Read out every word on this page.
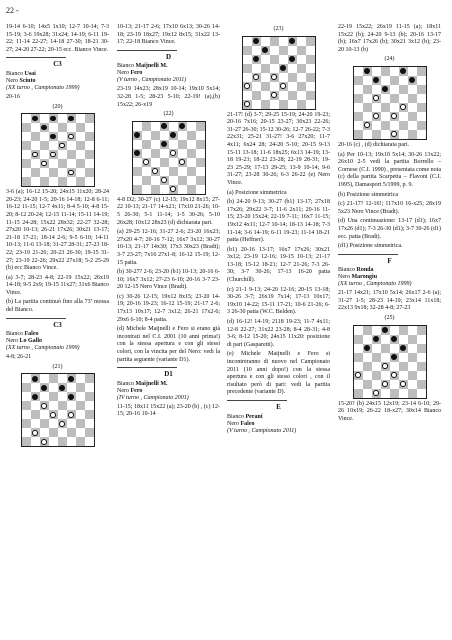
22 -

19-14 6-10; 14x5 1x10; 12-7 10-14; 7-3 15-19; 3-6 19x28; 31x24; 14-19; 6-11 19-22; 11-14 22-27; 14-18 27-30; 18-21 30-27; 24-20 27-22; 20-15 ecc. Bianco Vince.

C3
Bianco Usai
Nero Sciuto
(XX turno , Campionato 1999)

20-16

(20)

3-6 (a); 16-12 15-20; 24x15 11x20; 28-24 20-23; 24-20 1-5; 20-16 14-18; 12-8 6-11; 16-12 11-15; 12-7 4x11; 8-4 5-10; 4-8 15-20; 8-12 20-24; 12-15 11-14; 15-11 14-19; 11-15 24-28; 15x22 28x32; 22-27 32-28; 27x20 10-13; 26-21 17x26; 30x21 13-17; 21-18 17-21; 18-14 2-6; 9-5 6-10; 14-11 10-13; 11-6 13-18; 31-27 28-31; 27-23 18-22; 23-19 21-26; 20-23 26-30; 19-15 31-27; 23-19 22-26; 29x22 27x18; 5-2 25-29 (b) ecc Bianco Vince.

(a) 3-7; 28-23 4-8; 22-19 15x22; 26x19 14-18; 9-5 2x9; 19-15 11x27; 31x6 Bianco Vince.

(b) La partita continuò fino alla 73ª mossa del Bianco.

C3
Bianco Faleo
Nero Lo Gallo
(XX turno , Campionato 1999)

4-8; 26-21

(21)

10-13; 21-17 2-6; 17x10 6x13; 30-26 14-18; 23-19 18x27; 19x12 8x15; 31x22 13-17; 22-18 Bianco Vince.

D
Bianco Maijnelli M.
Nero Fero
(V turno , Campionato 2011)

23-19 14x23; 28x19 10-14; 19x10 5x14; 32-28 1-5; 28-23 5-10; 22-19! (a),(b) 15x22; 26-x19

(22)

4-8 D2; 30-27 (c) 12-15; 19x12 8x15; 27-22 10-13; 21-17 14-x21; 17x10 21-26; 10-5 26-30; 5-1 11-14; 1-5 30-26; 5-10 26x28; 10x12 28x23 (d) dichiarata pari.

(a) 29-25 12-16; 31-27 2-6; 23-20 16x23; 27x20 4-7; 20-16 7-12; 16x7 3x12; 30-27 10-13; 21-17 14x30; 17x3 30x23 (Bradt); 3-7 23-27; 7x16 27x1-8; 16-12 15-19; 12-15 patta.

(b) 30-27? 2-6; 23-20 (b1) 10-13; 20-16 6-10; 16x7 3x12; 27-23 6-10; 20-16 3-7 23-20 12-15 Nero Vince (Bradt).

(c) 30-26 12-15; 19x12 8x15; 23-20 14-19; 20-16 19-23; 16-12 15-19; 21-17 2-6; 17x13 10x17; 12-7 3x12; 26-21 17x2-6; 29x6 6-10; 8-4 patta.

(d) Michele Maijnelli e Fero si erano già incontrati nel C.I. 2001 (10 anni prima!) con la stessa apertura e con gli stessi colori, con la vincita per del Nero: vedi la partita seguente (variante D1).

D1
Bianco Maijnelli M.
Nero Fero
(IV turno , Campionato 2001)

11-15; 18x11 15x22 (a); 23-20 (b) , (c) 12-15; 20-16 10-14

(23)

21-17! (d) 3-7; 29-25 15-19; 24-20 19-23; 20-16 7x16; 20-15 23-27; 30x23 22-26; 31-27 26-30; 15-12 30-26; 12-7 26-22; 7-3 22x31; 25-21 31-27! 3-6 27x20; 11-7 4x11; 6x24 28; 24-20 5-10; 20-15 9-13 15-11 13-18; 11-6 18x25; 6x13 14-19; 13-18 19-23; 18-22 23-28; 22-19 28-31; 19-23 25-29; 17-13 29-25; 13-9 10-14; 9-6 31-27; 23-28 30-26; 6-3 26-22 (e) Nero Vince.

(a) Posizione simmetrica

(b) 24-20 9-13; 30-27 (b1) 13-17; 27x18 17x26; 29x22 3-7; 11-6 2x11; 20-16 11-15; 23-20 15x24; 22-19 7-11; 16x7 11-15; 19x12 4x11; 12-7 10-14; 18-13 14-18; 7-3 11-14; 3-6 14-19; 6-11 19-23; 11-14 18-21 patta (Heffner).

(b1) 20-16 13-17; 16x7 17x26; 30x21 3x12; 23-19 12-16; 19-15 10-13; 21-17 13-18; 15-12 18-21; 12-7 21-26; 7-3 26-30; 3-7 30-26; 17-13 16-20 patta (Churchill).

(c) 21-1 9-13; 24-20 12-16; 20-15 13-18; 30-26 3-7; 26x19 7x14; 17-13 10x17; 19x10 14-22; 15-11 17-21; 10-6 21-26; 6-3 26-30 patta (W.C. Belden).

(d) 16-12! 14-19; 2118 19-23; 11-7 4x11; 12-8 22-27; 31x22 23-28; 8-4 28-31; 4-8 3-6; 8-12 15-20; 24x15 11x20: posizione di pari (Gasparetti).

(e) Michele Maijnelli e Fero si incontreranno di nuovo nel Campionato 2011 (10 anni dopo!) con la stessa apertura e con gli stessi colori , con il risultato però di pari: vedi la partita precedente (variante D).

E
Bianco Perani
Nero Faleo
(V turno , Campionato 2011)

22-19 15x22; 26x19 11-15 (a); 18x11 15x22 (b); 24-20 9-13 (b); 20-16 13-17 (b); 16x7 17x26 (b); 30x21 3x12 (b); 23-20 10-13 (b)

(24)

20-16 (c) , (d) dichiarata pari.

(a) Per 10-13; 19x10 5x14; 30-26 13x22; 26x10 2-5 vedi la partita Borrello – Cornese (C.I. 1990) , presentata come nota (c) della partita Scarpetta – Flavoni (C.I. 1995), Damasport 5/1999, p. 9.

(b) Posizione simmetrica

(c) 21-17? 12-16!; 117x10 16-x25; 28x19 5x23 Nero Vince (Bradt).

(d) Una continuazione: 13-17 (d1); 16x7 17x26 (d1); 7-3 26-30 (d1); 3-7 30-26 (d1) ecc. patta (Bradt).

(d1) Posizione simmetrica.

F
Bianco Ronda
Nero Marongiu
(XX turno , Campionato 1999)

21-17 14x21; 17x10 5x14; 26x17 2-6 (a); 31-27 1-5; 28-23 14-19; 23x14 11x18; 22x13 9x18; 32-28 4-8; 27-23

(25)

15-20? (b) 24x15 12x19; 23-14 6-10; 29-26 10x19; 26-22 18-x27; 30x14 Bianco Vince.
